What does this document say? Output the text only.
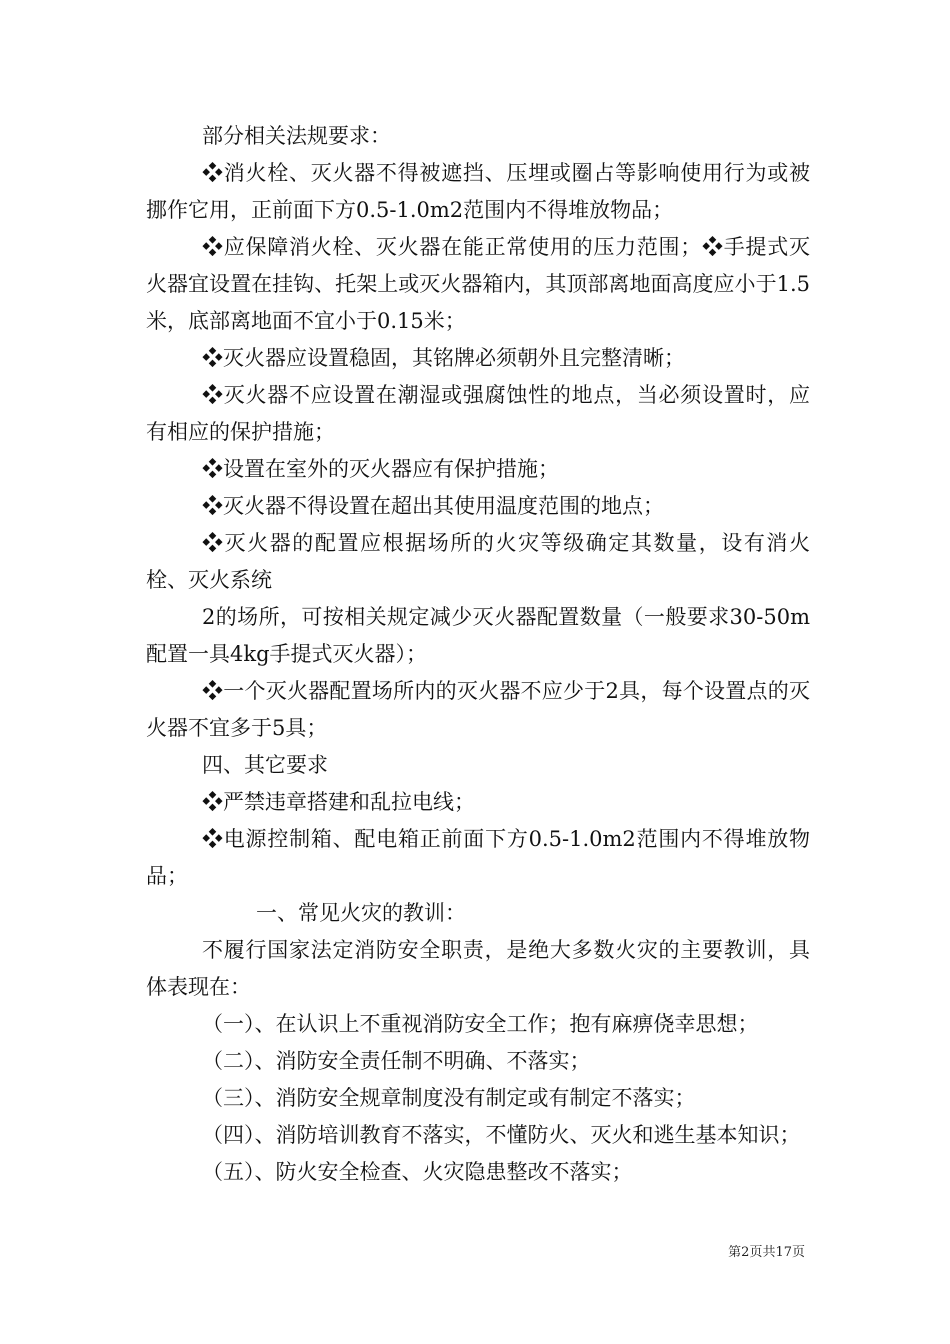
部分相关法规要求：

❖消火栓、灭火器不得被遮挡、压埋或圈占等影响使用行为或被挪作它用，正前面下方0.5-1.0m2范围内不得堆放物品；

❖应保障消火栓、灭火器在能正常使用的压力范围；❖手提式灭火器宜设置在挂钩、托架上或灭火器箱内，其顶部离地面高度应小于1.5米，底部离地面不宜小于0.15米；

❖灭火器应设置稳固，其铭牌必须朝外且完整清晰；

❖灭火器不应设置在潮湿或强腐蚀性的地点，当必须设置时，应有相应的保护措施；

❖设置在室外的灭火器应有保护措施；

❖灭火器不得设置在超出其使用温度范围的地点；

❖灭火器的配置应根据场所的火灾等级确定其数量，设有消火栓、灭火系统

2的场所，可按相关规定减少灭火器配置数量（一般要求30-50m配置一具4kg手提式灭火器）；

❖一个灭火器配置场所内的灭火器不应少于2具，每个设置点的灭火器不宜多于5具；

四、其它要求

❖严禁违章搭建和乱拉电线；

❖电源控制箱、配电箱正前面下方0.5-1.0m2范围内不得堆放物品；

一、常见火灾的教训：

不履行国家法定消防安全职责，是绝大多数火灾的主要教训，具体表现在：

（一）、在认识上不重视消防安全工作；抱有麻痹侥幸思想；

（二）、消防安全责任制不明确、不落实；

（三）、消防安全规章制度没有制定或有制定不落实；

（四）、消防培训教育不落实，不懂防火、灭火和逃生基本知识；

（五）、防火安全检查、火灾隐患整改不落实；

第2页共17页
